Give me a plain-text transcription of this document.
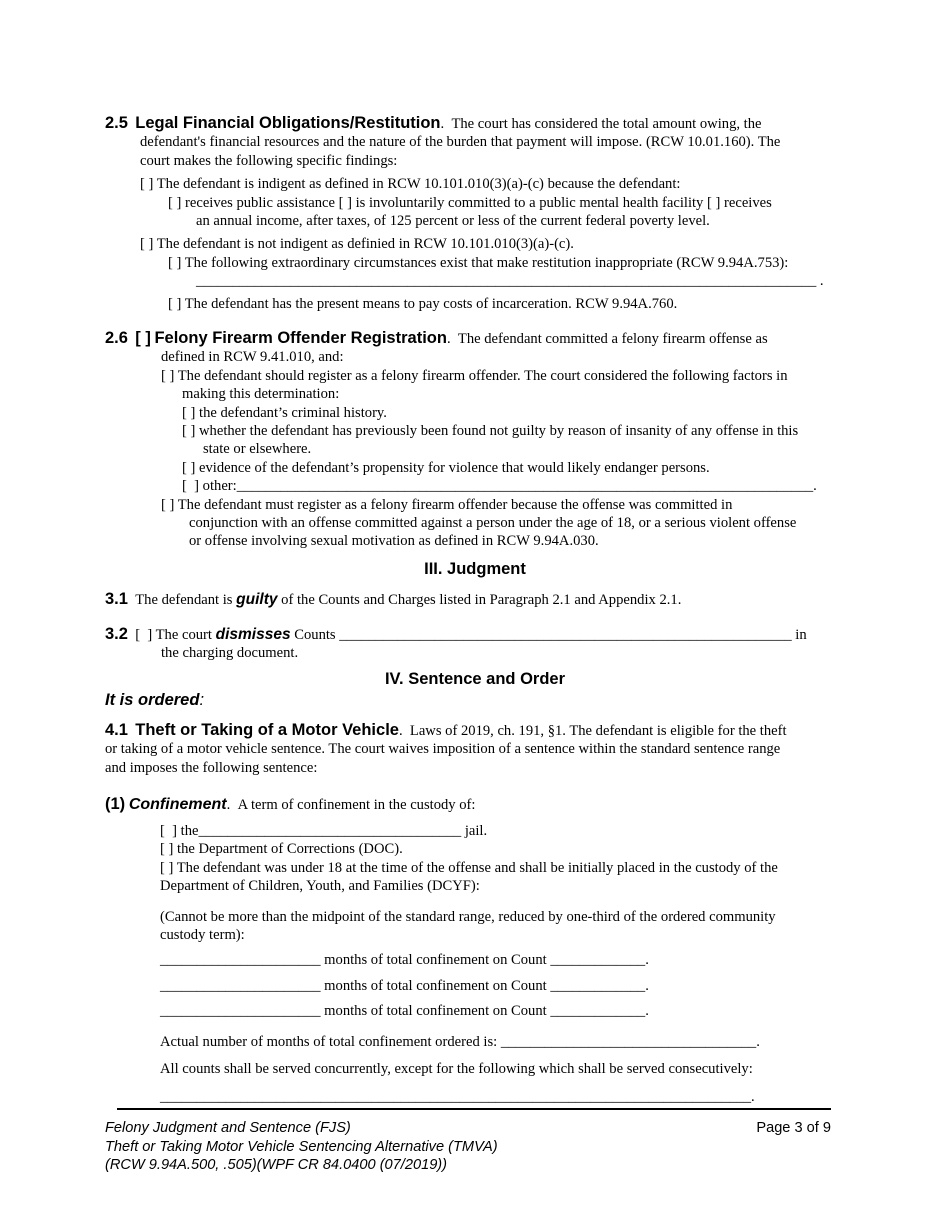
2.5 Legal Financial Obligations/Restitution.  The court has considered the total amount owing, the

defendant's financial resources and the nature of the burden that payment will impose. (RCW 10.01.160). The

court makes the following specific findings:

[ ] The defendant is indigent as defined in RCW 10.101.010(3)(a)-(c) because the defendant:

[ ] receives public assistance [ ] is involuntarily committed to a public mental health facility [ ] receives

an annual income, after taxes, of 125 percent or less of the current federal poverty level.

[ ] The defendant is not indigent as definied in RCW 10.101.010(3)(a)-(c).

[ ] The following extraordinary circumstances exist that make restitution inappropriate (RCW 9.94A.753):

_____________________________________________________________________________________ .

[ ] The defendant has the present means to pay costs of incarceration. RCW 9.94A.760.

2.6 [ ] Felony Firearm Offender Registration.  The defendant committed a felony firearm offense as

defined in RCW 9.41.010, and:

[ ] The defendant should register as a felony firearm offender. The court considered the following factors in

making this determination:

[ ] the defendant’s criminal history.

[ ] whether the defendant has previously been found not guilty by reason of insanity of any offense in this

state or elsewhere.

[ ] evidence of the defendant’s propensity for violence that would likely endanger persons.

[  ] other:_______________________________________________________________________________.

[ ] The defendant must register as a felony firearm offender because the offense was committed in

conjunction with an offense committed against a person under the age of 18, or a serious violent offense

or offense involving sexual motivation as defined in RCW 9.94A.030.

III. Judgment

3.1 The defendant is guilty of the Counts and Charges listed in Paragraph 2.1 and Appendix 2.1.

3.2 [  ] The court dismisses Counts ______________________________________________________________ in

the charging document.

IV. Sentence and Order

It is ordered:

4.1 Theft or Taking of a Motor Vehicle.  Laws of 2019, ch. 191, §1. The defendant is eligible for the theft

or taking of a motor vehicle sentence. The court waives imposition of a sentence within the standard sentence range

and imposes the following sentence:

(1) Confinement.  A term of confinement in the custody of:

[  ] the____________________________________ jail.

[ ] the Department of Corrections (DOC).

[ ] The defendant was under 18 at the time of the offense and shall be initially placed in the custody of the

Department of Children, Youth, and Families (DCYF):

(Cannot be more than the midpoint of the standard range, reduced by one-third of the ordered community

custody term):

______________________ months of total confinement on Count _____________.

______________________ months of total confinement on Count _____________.

______________________ months of total confinement on Count _____________.

Actual number of months of total confinement ordered is: ___________________________________.

All counts shall be served concurrently, except for the following which shall be served consecutively:

_________________________________________________________________________________.

Felony Judgment and Sentence (FJS)

Theft or Taking Motor Vehicle Sentencing Alternative (TMVA)

(RCW 9.94A.500, .505)(WPF CR 84.0400 (07/2019))

Page 3 of 9
